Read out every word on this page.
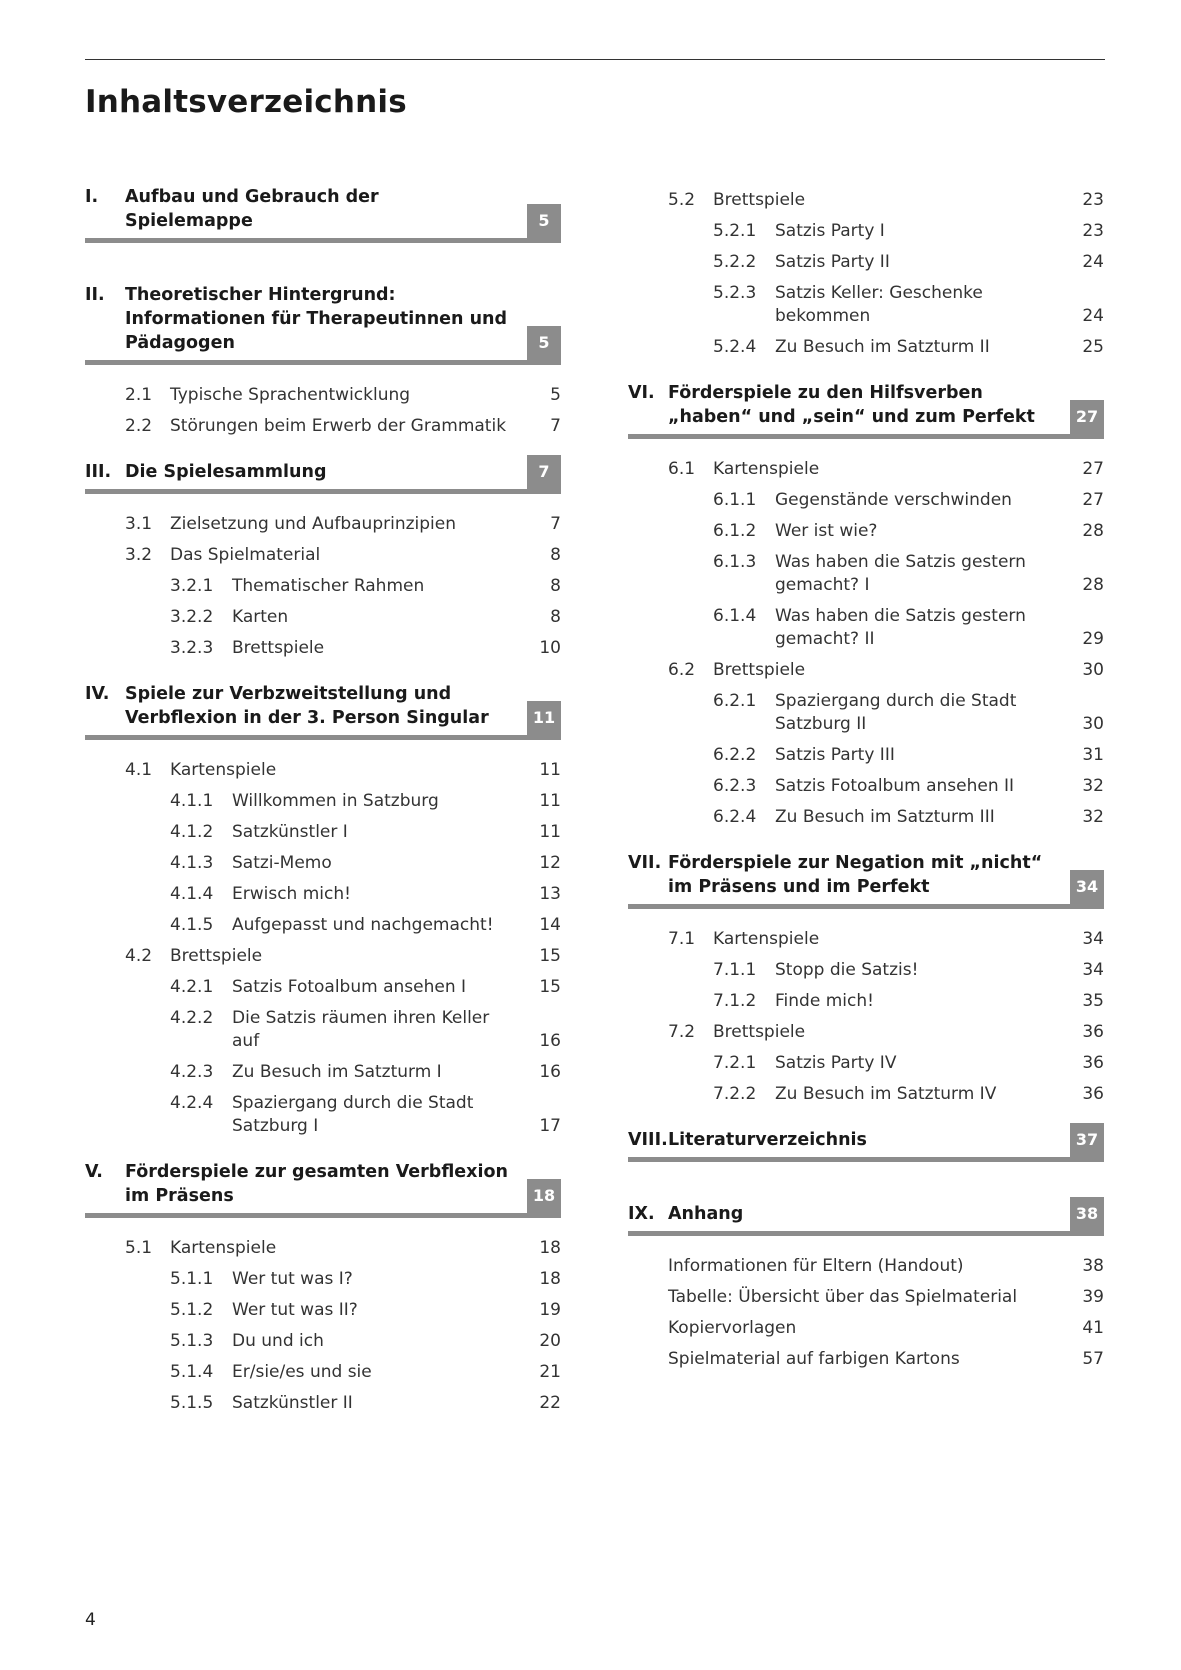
Inhaltsverzeichnis
I.	Aufbau und Gebrauch der Spielemappe	5
II.	Theoretischer Hintergrund: Informationen für Therapeutinnen und Pädagogen	5
2.1	Typische Sprachentwicklung	5
2.2	Störungen beim Erwerb der Grammatik	7
III. Die Spielesammlung	7
3.1	Zielsetzung und Aufbauprinzipien	7
3.2	Das Spielmaterial	8
3.2.1	Thematischer Rahmen	8
3.2.2	Karten	8
3.2.3	Brettspiele	10
IV. Spiele zur Verbzweitstellung und Verbflexion in der 3. Person Singular	11
4.1	Kartenspiele	11
4.1.1	Willkommen in Satzburg	11
4.1.2	Satzkünstler I	11
4.1.3	Satzi-Memo	12
4.1.4	Erwisch mich!	13
4.1.5	Aufgepasst und nachgemacht!	14
4.2	Brettspiele	15
4.2.1	Satzis Fotoalbum ansehen I	15
4.2.2	Die Satzis räumen ihren Keller auf	16
4.2.3	Zu Besuch im Satzturm I	16
4.2.4	Spaziergang durch die Stadt Satzburg I	17
V.	Förderspiele zur gesamten Verbflexion im Präsens	18
5.1	Kartenspiele	18
5.1.1	Wer tut was I?	18
5.1.2	Wer tut was II?	19
5.1.3	Du und ich	20
5.1.4	Er/sie/es und sie	21
5.1.5	Satzkünstler II	22
5.2	Brettspiele	23
5.2.1	Satzis Party I	23
5.2.2	Satzis Party II	24
5.2.3	Satzis Keller: Geschenke bekommen	24
5.2.4	Zu Besuch im Satzturm II	25
VI. Förderspiele zu den Hilfsverben „haben“ und „sein“ und zum Perfekt	27
6.1	Kartenspiele	27
6.1.1	Gegenstände verschwinden	27
6.1.2	Wer ist wie?	28
6.1.3	Was haben die Satzis gestern gemacht? I	28
6.1.4	Was haben die Satzis gestern gemacht? II	29
6.2	Brettspiele	30
6.2.1	Spaziergang durch die Stadt Satzburg II	30
6.2.2	Satzis Party III	31
6.2.3	Satzis Fotoalbum ansehen II	32
6.2.4	Zu Besuch im Satzturm III	32
VII. Förderspiele zur Negation mit „nicht“ im Präsens und im Perfekt	34
7.1	Kartenspiele	34
7.1.1	Stopp die Satzis!	34
7.1.2	Finde mich!	35
7.2	Brettspiele	36
7.2.1	Satzis Party IV	36
7.2.2	Zu Besuch im Satzturm IV	36
VIII. Literaturverzeichnis	37
IX. Anhang	38
Informationen für Eltern (Handout)	38
Tabelle: Übersicht über das Spielmaterial	39
Kopiervorlagen	41
Spielmaterial auf farbigen Kartons	57
4
